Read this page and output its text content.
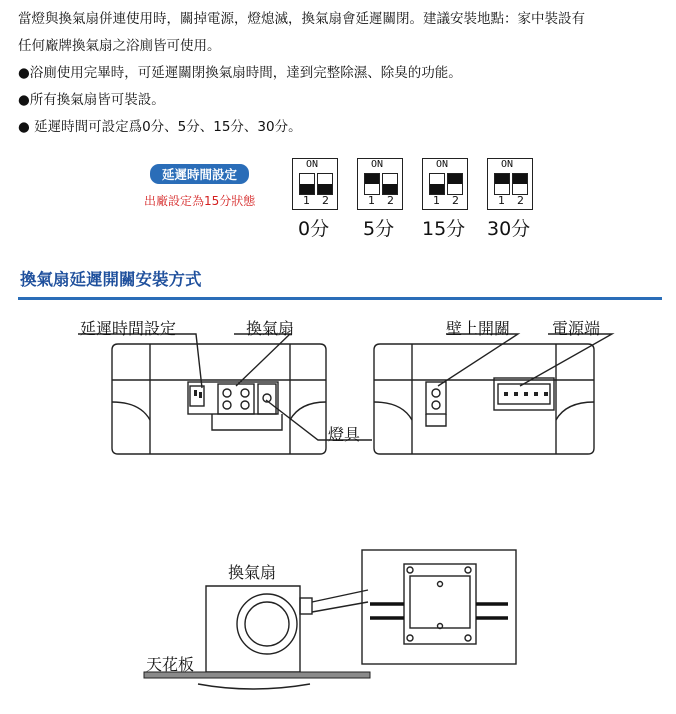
當燈與換氣扇併連使用時，關掉電源，燈熄滅，換氣扇會延遲關閉。建議安裝地點：家中裝設有

任何廠牌換氣扇之浴廁皆可使用。

●浴廁使用完畢時，可延遲關閉換氣扇時間，達到完整除濕、除臭的功能。

●所有換氣扇皆可裝設。

● 延遲時間可設定爲0分、5分、15分、30分。

延遲時間設定
出廠設定為15分狀態
ON
1 2
0分
ON
1 2
5分
ON
1 2
15分
ON
1 2
30分
換氣扇延遲開關安裝方式
延遲時間設定	換氣扇	壁上開關	電源端
燈具
換氣扇
天花板
